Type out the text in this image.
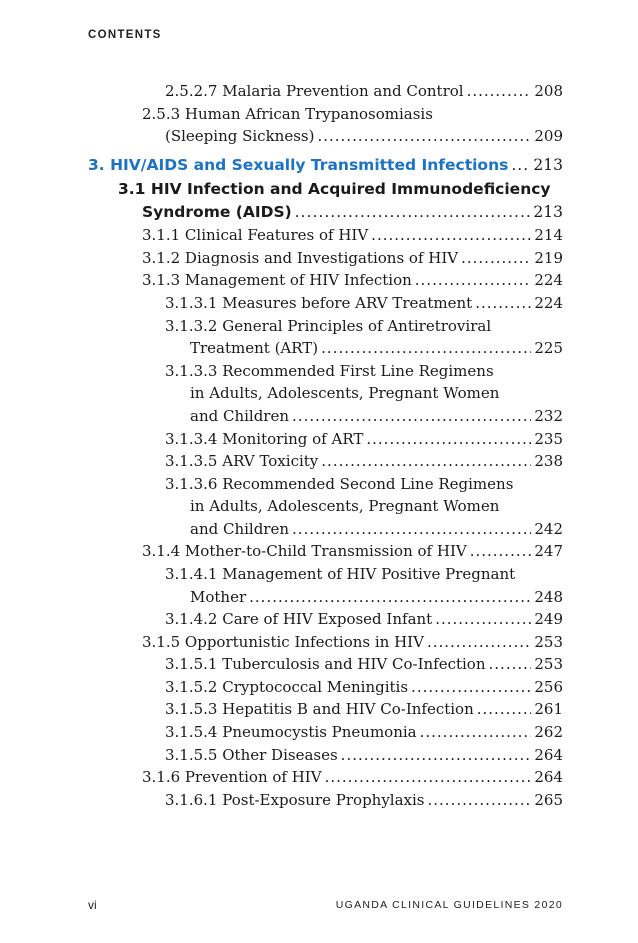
CONTENTS
2.5.2.7 Malaria Prevention and Control .....	208
2.5.3 Human African Trypanosomiasis
(Sleeping Sickness) .....	209
3. HIV/AIDS and Sexually Transmitted Infections ..... 213
3.1 HIV Infection and Acquired Immunodeficiency
Syndrome (AIDS) .....	213
3.1.1 Clinical Features of HIV .....	214
3.1.2 Diagnosis and Investigations of HIV .....	219
3.1.3 Management of HIV Infection .....	224
3.1.3.1 Measures before ARV Treatment .....	224
3.1.3.2 General Principles of Antiretroviral
Treatment (ART) .....	225
3.1.3.3 Recommended First Line Regimens
in Adults, Adolescents, Pregnant Women
and Children .....	232
3.1.3.4 Monitoring of ART .....	235
3.1.3.5 ARV Toxicity .....	238
3.1.3.6 Recommended Second Line Regimens
in Adults, Adolescents, Pregnant Women
and Children .....	242
3.1.4 Mother-to-Child Transmission of HIV .....	247
3.1.4.1 Management of HIV Positive Pregnant
Mother .....	248
3.1.4.2 Care of HIV Exposed Infant .....	249
3.1.5 Opportunistic Infections in HIV .....	253
3.1.5.1 Tuberculosis and HIV Co-Infection .....	253
3.1.5.2 Cryptococcal Meningitis .....	256
3.1.5.3 Hepatitis B and HIV Co-Infection .....	261
3.1.5.4 Pneumocystis Pneumonia .....	262
3.1.5.5 Other Diseases .....	264
3.1.6 Prevention of HIV .....	264
3.1.6.1 Post-Exposure Prophylaxis .....	265
vi	UGANDA CLINICAL GUIDELINES 2020
